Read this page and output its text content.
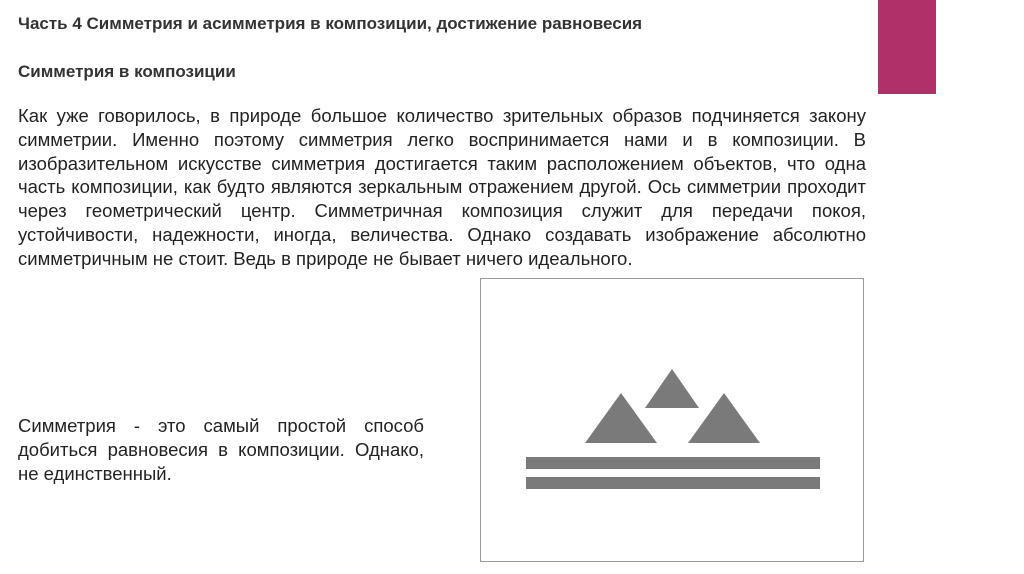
Часть 4 Симметрия и асимметрия в композиции, достижение равновесия
Симметрия в композиции

Как уже говорилось, в природе большое количество зрительных образов подчиняется закону симметрии. Именно поэтому симметрия легко воспринимается нами и в композиции. В изобразительном искусстве симметрия достигается таким расположением объектов, что одна часть композиции, как будто являются зеркальным отражением другой. Ось симметрии проходит через геометрический центр. Симметричная композиция служит для передачи покоя, устойчивости, надежности, иногда, величества. Однако создавать изображение абсолютно симметричным не стоит. Ведь в природе не бывает ничего идеального.

Симметрия - это самый простой способ добиться равновесия в композиции. Однако, не единственный.
